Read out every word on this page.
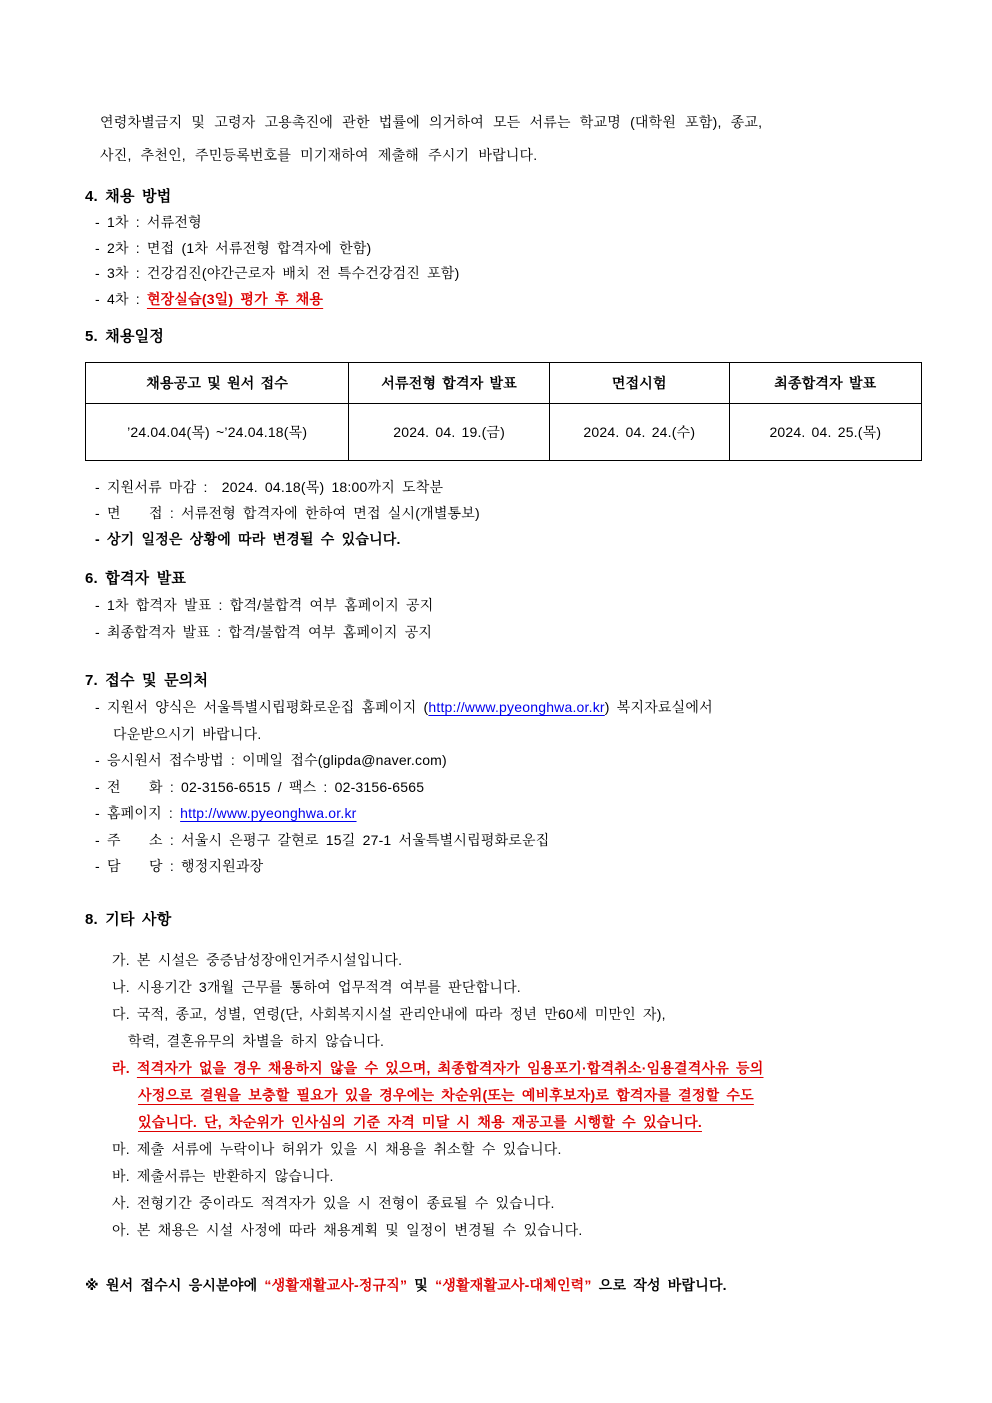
연령차별금지 및 고령자 고용촉진에 관한 법률에 의거하여 모든 서류는 학교명 (대학원 포함), 종교,
사진, 추천인, 주민등록번호를 미기재하여 제출해 주시기 바랍니다.
4. 채용 방법
- 1차 : 서류전형
- 2차 : 면접 (1차 서류전형 합격자에 한함)
- 3차 : 건강검진(야간근로자 배치 전 특수건강검진 포함)
- 4차 : 현장실습(3일) 평가 후 채용
5. 채용일정
채용공고 및 원서 접수	서류전형 합격자 발표	면접시험	최종합격자 발표
’24.04.04(목) ~’24.04.18(목)	2024. 04. 19.(금)	2024. 04. 24.(수)	2024. 04. 25.(목)
- 지원서류 마감 :  2024. 04.18(목) 18:00까지 도착분
- 면    접 : 서류전형 합격자에 한하여 면접 실시(개별통보)
- 상기 일정은 상황에 따라 변경될 수 있습니다.
6. 합격자 발표
- 1차 합격자 발표 : 합격/불합격 여부 홈페이지 공지
- 최종합격자 발표 : 합격/불합격 여부 홈페이지 공지
7. 접수 및 문의처
- 지원서 양식은 서울특별시립평화로운집 홈페이지 (http://www.pyeonghwa.or.kr) 복지자료실에서
다운받으시기 바랍니다.
- 응시원서 접수방법 : 이메일 접수(glipda@naver.com)
- 전    화 : 02-3156-6515 / 팩스 : 02-3156-6565
- 홈페이지 : http://www.pyeonghwa.or.kr
- 주    소 : 서울시 은평구 갈현로 15길 27-1 서울특별시립평화로운집
- 담    당 : 행정지원과장
8. 기타 사항
가. 본 시설은 중증남성장애인거주시설입니다.
나. 시용기간 3개월 근무를 통하여 업무적격 여부를 판단합니다.
다. 국적, 종교, 성별, 연령(단, 사회복지시설 관리안내에 따라 정년 만60세 미만인 자),
학력, 결혼유무의 차별을 하지 않습니다.
라. 적격자가 없을 경우 채용하지 않을 수 있으며, 최종합격자가 임용포기·합격취소·임용결격사유 등의
사정으로 결원을 보충할 필요가 있을 경우에는 차순위(또는 예비후보자)로 합격자를 결정할 수도
있습니다. 단, 차순위가 인사심의 기준 자격 미달 시 채용 재공고를 시행할 수 있습니다.
마. 제출 서류에 누락이나 허위가 있을 시 채용을 취소할 수 있습니다.
바. 제출서류는 반환하지 않습니다.
사. 전형기간 중이라도 적격자가 있을 시 전형이 종료될 수 있습니다.
아. 본 채용은 시설 사정에 따라 채용계획 및 일정이 변경될 수 있습니다.
※ 원서 접수시 응시분야에 “생활재활교사-정규직” 및 “생활재활교사-대체인력” 으로 작성 바랍니다.
